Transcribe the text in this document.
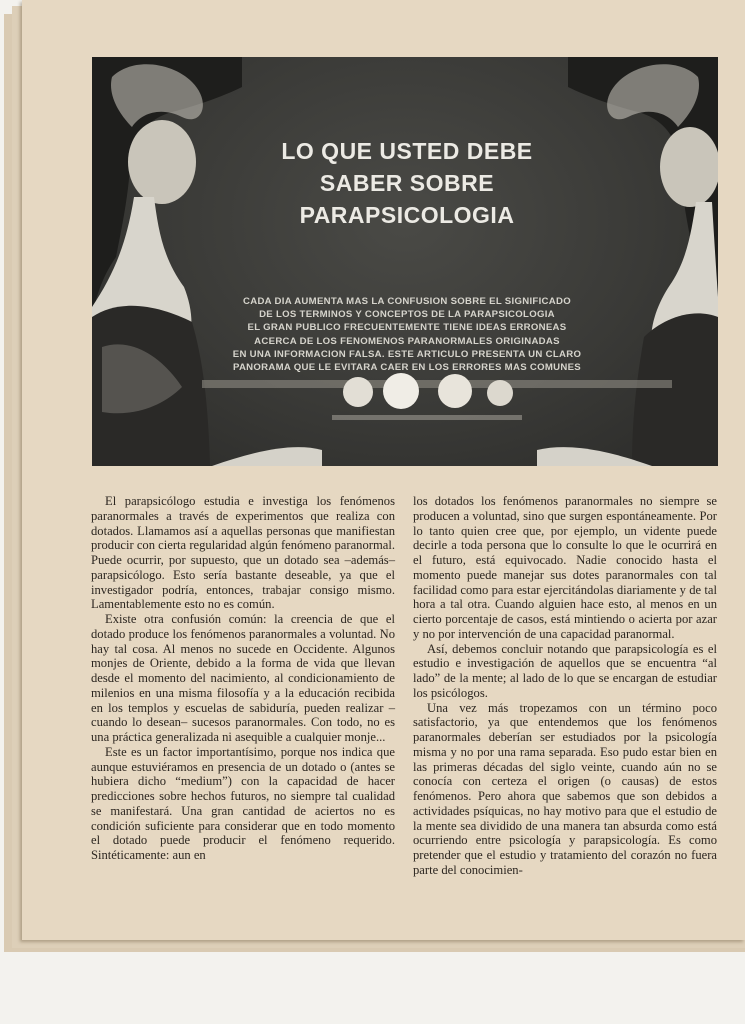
LO QUE USTED DEBE
SABER SOBRE
PARAPSICOLOGIA
CADA DIA AUMENTA MAS LA CONFUSION SOBRE EL SIGNIFICADO
DE LOS TERMINOS Y CONCEPTOS DE LA PARAPSICOLOGIA
EL GRAN PUBLICO FRECUENTEMENTE TIENE IDEAS ERRONEAS
ACERCA DE LOS FENOMENOS PARANORMALES ORIGINADAS
EN UNA INFORMACION FALSA. ESTE ARTICULO PRESENTA UN CLARO
PANORAMA QUE LE EVITARA CAER EN LOS ERRORES MAS COMUNES

El parapsicólogo estudia e investiga los fenómenos paranormales a través de experimentos que realiza con dotados. Llamamos así a aquellas personas que manifiestan producir con cierta regularidad algún fenómeno paranormal. Puede ocurrir, por supuesto, que un dotado sea –además– parapsicólogo. Esto sería bastante deseable, ya que el investigador podría, entonces, trabajar consigo mismo. Lamentablemente esto no es común.

Existe otra confusión común: la creencia de que el dotado produce los fenómenos paranormales a voluntad. No hay tal cosa. Al menos no sucede en Occidente. Algunos monjes de Oriente, debido a la forma de vida que llevan desde el momento del nacimiento, al condicionamiento de milenios en una misma filosofía y a la educación recibida en los templos y escuelas de sabiduría, pueden realizar –cuando lo desean– sucesos paranormales. Con todo, no es una práctica generalizada ni asequible a cualquier monje...

Este es un factor importantísimo, porque nos indica que aunque estuviéramos en presencia de un dotado o (antes se hubiera dicho “medium”) con la capacidad de hacer predicciones sobre hechos futuros, no siempre tal cualidad se manifestará. Una gran cantidad de aciertos no es condición suficiente para considerar que en todo momento el dotado puede producir el fenómeno requerido. Sintéticamente: aun en

los dotados los fenómenos paranormales no siempre se producen a voluntad, sino que surgen espontáneamente. Por lo tanto quien cree que, por ejemplo, un vidente puede decirle a toda persona que lo consulte lo que le ocurrirá en el futuro, está equivocado. Nadie conocido hasta el momento puede manejar sus dotes paranormales con tal facilidad como para estar ejercitándolas diariamente y de tal hora a tal otra. Cuando alguien hace esto, al menos en un cierto porcentaje de casos, está mintiendo o acierta por azar y no por intervención de una capacidad paranormal.

Así, debemos concluir notando que parapsicología es el estudio e investigación de aquellos que se encuentra “al lado” de la mente; al lado de lo que se encargan de estudiar los psicólogos.

Una vez más tropezamos con un término poco satisfactorio, ya que entendemos que los fenómenos paranormales deberían ser estudiados por la psicología misma y no por una rama separada. Eso pudo estar bien en las primeras décadas del siglo veinte, cuando aún no se conocía con certeza el origen (o causas) de estos fenómenos. Pero ahora que sabemos que son debidos a actividades psíquicas, no hay motivo para que el estudio de la mente sea dividido de una manera tan absurda como está ocurriendo entre psicología y parapsicología. Es como pretender que el estudio y tratamiento del corazón no fuera parte del conocimien-
